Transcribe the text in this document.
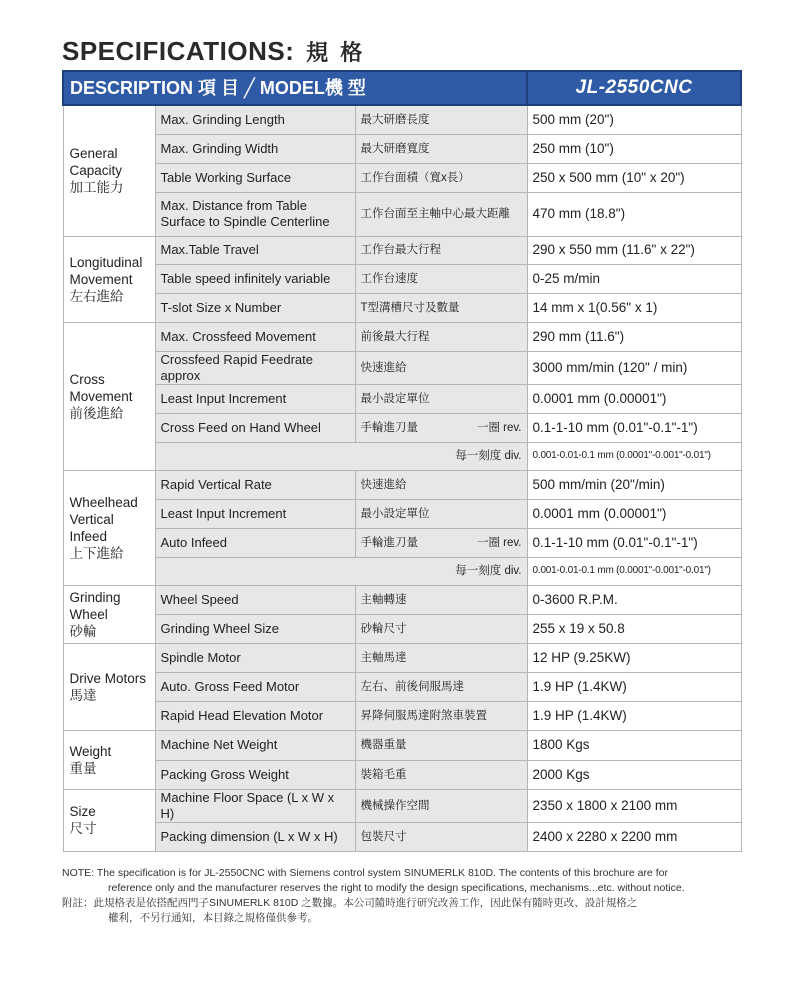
SPECIFICATIONS: 規 格
DESCRIPTION 項 目 ╱ MODEL機 型			JL-2550CNC

General
Capacity
加工能力	Max. Grinding Length	最大研磨長度	500 mm (20")
	Max. Grinding Width	最大研磨寬度	250 mm (10")
	Table Working Surface	工作台面積（寬x長）	250 x 500 mm (10" x 20")

	Max. Distance from Table
Surface to Spindle Centerline	工作台面至主軸中心最大距離	470 mm (18.8")

Longitudinal
Movement
左右進給	Max.Table Travel	工作台最大行程	290 x 550 mm (11.6" x 22")
	Table speed infinitely variable	工作台速度	0-25 m/min
	T-slot Size x Number	T型溝槽尺寸及數量	14 mm x 1(0.56" x 1)

Cross
Movement
前後進給	Max. Crossfeed Movement	前後最大行程	290 mm (11.6")
	Crossfeed Rapid Feedrate approx	快速進給	3000 mm/min (120" / min)
	Least Input Increment	最小設定單位	0.0001 mm (0.00001")
	Cross Feed on Hand Wheel	手輪進刀量 一圈 rev.	0.1-1-10 mm (0.01"-0.1"-1")
	每一刻度 div.		0.001-0.01-0.1 mm (0.0001"-0.001"-0.01")

Wheelhead
Vertical
Infeed
上下進給	Rapid Vertical Rate	快速進給	500 mm/min (20"/min)
	Least Input Increment	最小設定單位	0.0001 mm (0.00001")
	Auto Infeed	手輪進刀量 一圈 rev.	0.1-1-10 mm (0.01"-0.1"-1")
	每一刻度 div.		0.001-0.01-0.1 mm (0.0001"-0.001"-0.01")

Grinding
Wheel
砂輪	Wheel Speed	主軸轉速	0-3600 R.P.M.
	Grinding Wheel Size	砂輪尺寸	255 x 19 x 50.8

Drive Motors
馬達	Spindle Motor	主軸馬達	12 HP (9.25KW)
	Auto. Gross Feed Motor	左右、前後伺服馬達	1.9 HP (1.4KW)
	Rapid Head Elevation Motor	昇降伺服馬達附煞車裝置	1.9 HP (1.4KW)

Weight
重量	Machine Net Weight	機器重量	1800 Kgs
	Packing Gross Weight	裝箱毛重	2000 Kgs

Size
尺寸	Machine Floor Space (L x W x H)	機械操作空間	2350 x 1800 x 2100 mm
	Packing dimension (L x W x H)	包裝尺寸	2400 x 2280 x 2200 mm
NOTE: The specification is for JL-2550CNC with Siemens control system SINUMERLK 810D. The contents of this brochure are for
reference only and the manufacturer reserves the right to modify the design specifications, mechanisms...etc. without notice.
附註：此規格表是依搭配西門子SINUMERLK 810D 之數據。本公司隨時進行研究改善工作，因此保有隨時更改、設計規格之
權利，不另行通知，本目錄之規格僅供參考。
